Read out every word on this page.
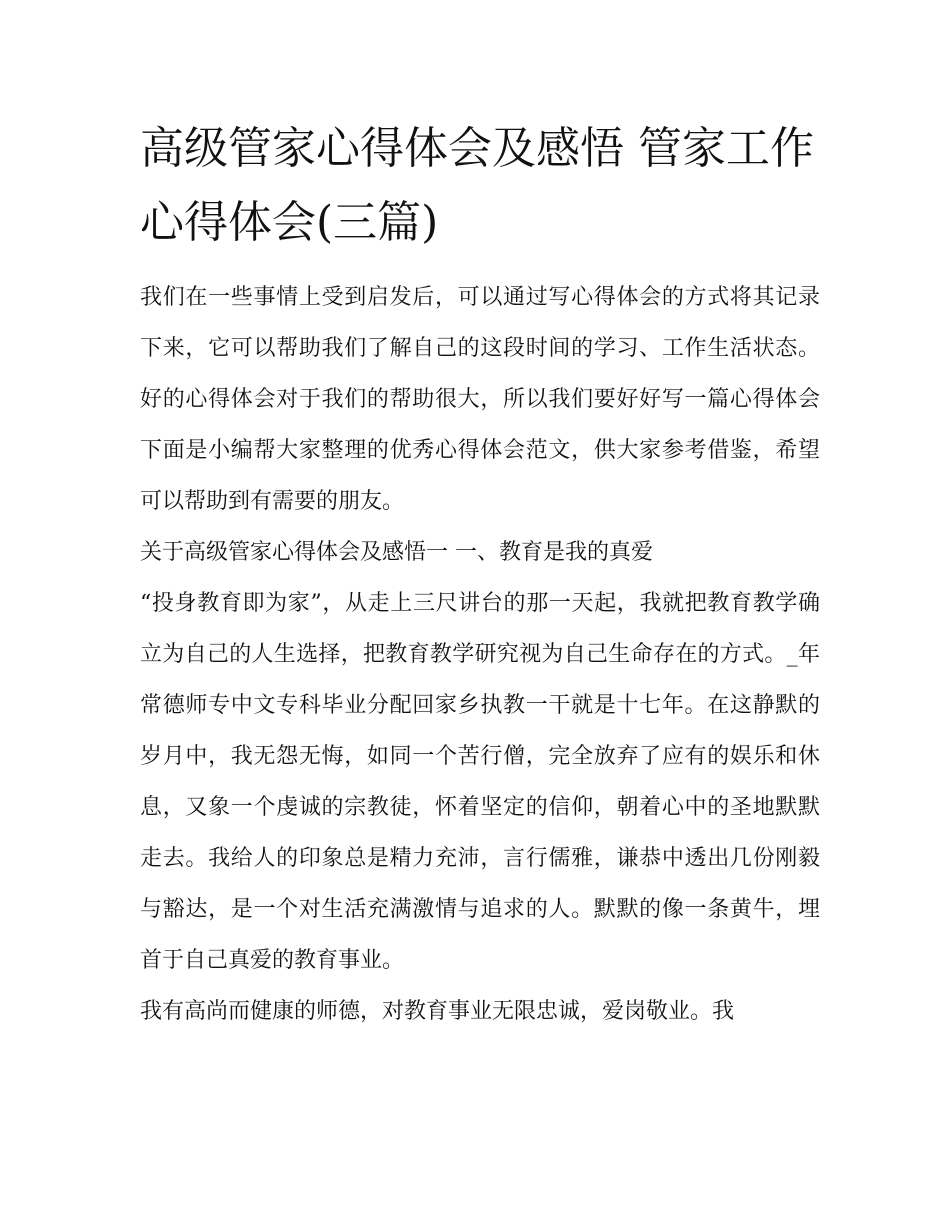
高级管家心得体会及感悟 管家工作心得体会(三篇)

我们在一些事情上受到启发后，可以通过写心得体会的方式将其记录下来，它可以帮助我们了解自己的这段时间的学习、工作生活状态。好的心得体会对于我们的帮助很大，所以我们要好好写一篇心得体会下面是小编帮大家整理的优秀心得体会范文，供大家参考借鉴，希望可以帮助到有需要的朋友。

关于高级管家心得体会及感悟一 一、教育是我的真爱

“投身教育即为家”，从走上三尺讲台的那一天起，我就把教育教学确立为自己的人生选择，把教育教学研究视为自己生命存在的方式。_年常德师专中文专科毕业分配回家乡执教一干就是十七年。在这静默的岁月中，我无怨无悔，如同一个苦行僧，完全放弃了应有的娱乐和休息，又象一个虔诚的宗教徒，怀着坚定的信仰，朝着心中的圣地默默走去。我给人的印象总是精力充沛，言行儒雅，谦恭中透出几份刚毅与豁达，是一个对生活充满激情与追求的人。默默的像一条黄牛，埋首于自己真爱的教育事业。

我有高尚而健康的师德，对教育事业无限忠诚，爱岗敬业。我
